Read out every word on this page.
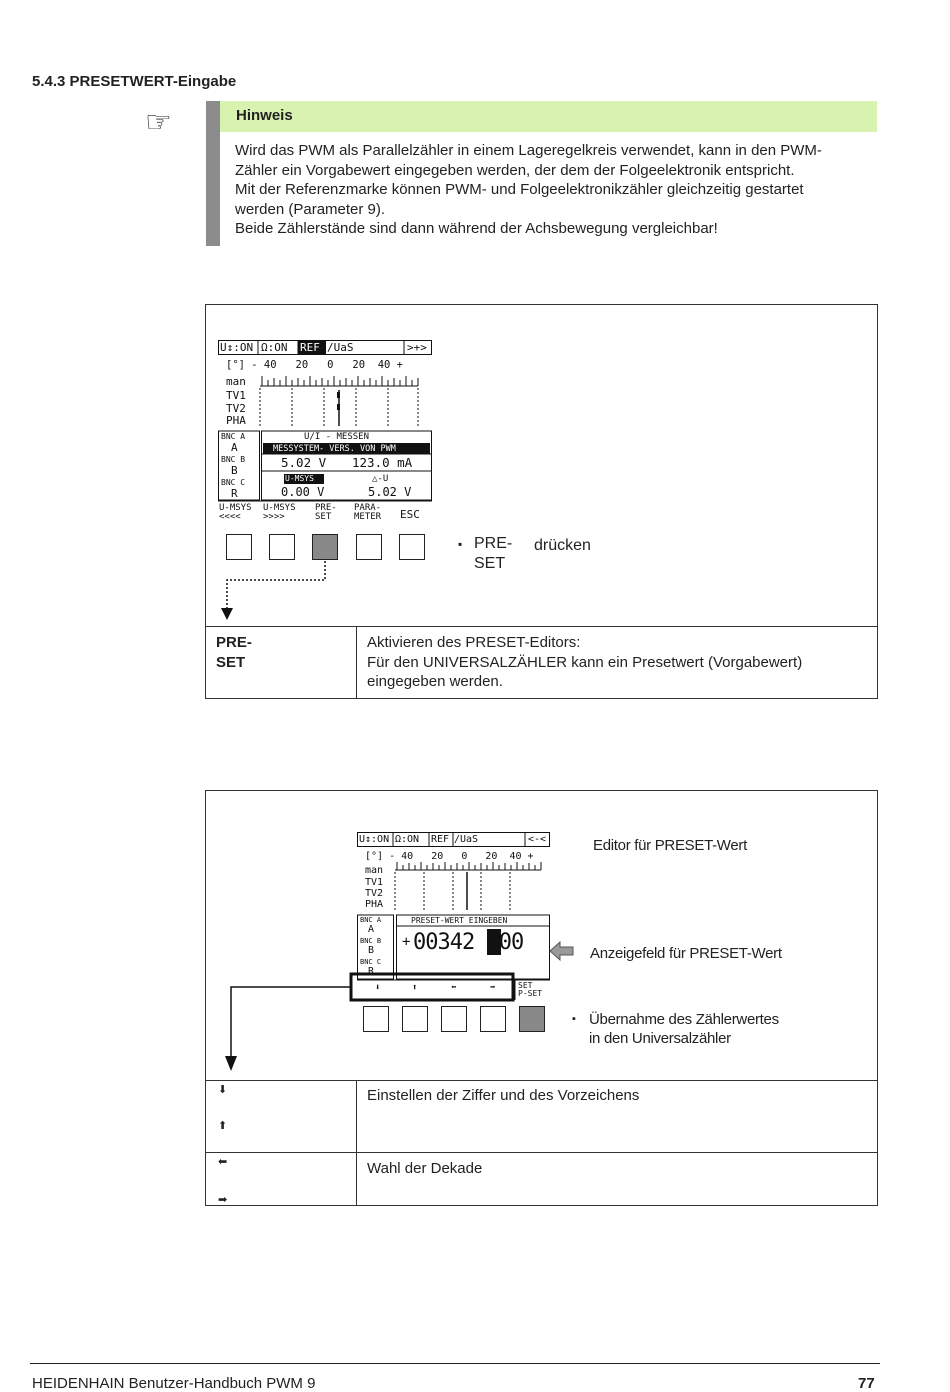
5.4.3 PRESETWERT-Eingabe
☞	Hinweis
Wird das PWM als Parallelzähler in einem Lageregelkreis verwendet, kann in den PWM-
Zähler ein Vorgabewert eingegeben werden, der dem der Folgeelektronik entspricht.
Mit der Referenzmarke können PWM- und Folgeelektronikzähler gleichzeitig gestartet
werden (Parameter 9).
Beide Zählerstände sind dann während der Achsbewegung vergleichbar!
U↕:ON Ω:ON REF /UaS	>+>
[°] - 40   20   0   20  40 +
man
TV1
TV2
PHA
BNC A
A
BNC B
B
BNC C
R
U/I - MESSEN
MESSYSTEM- VERS. VON PWM
5.02 V 123.0 mA
U-MSYS	△-U
0.00 V	5.02 V
U-MSYS
<<<<
U-MSYS
>>>>
PRE-
SET
PARA-
METER ESC
▪ PRE-
SET
drücken
PRE-
SET
Aktivieren des PRESET-Editors:
Für den UNIVERSALZÄHLER kann ein Presetwert (Vorgabewert)
eingegeben werden.
U↕:ON Ω:ON REF /UaS	<-<
[°] - 40   20   0   20  40 +
man
TV1
TV2
PHA
BNC A
A
BNC B
B
BNC C
R
PRESET-WERT EINGEBEN
+ 003426000
⬇	⬆	⬅	➡	SET
P-SET
Editor für PRESET-Wert
Anzeigefeld für PRESET-Wert
▪ Übernahme des Zählerwertes
in den Universalzähler
⬇
⬆
Einstellen der Ziffer und des Vorzeichens
⬅
➡
Wahl der Dekade
HEIDENHAIN Benutzer-Handbuch PWM 9	77
